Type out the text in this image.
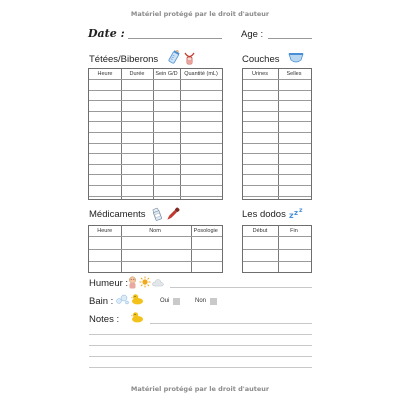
Matériel protégé par le droit d'auteur
Matériel protégé par le droit d'auteur
Date :	Age :
Tétées/Biberons
Heure	Durée	Sein G/D	Quantité (mL)
Couches
Urines	Selles
Médicaments
Heure	Nom	Posologie
Les dodos z z z
Début	Fin
Humeur :
Bain :	Oui	Non
Notes :
